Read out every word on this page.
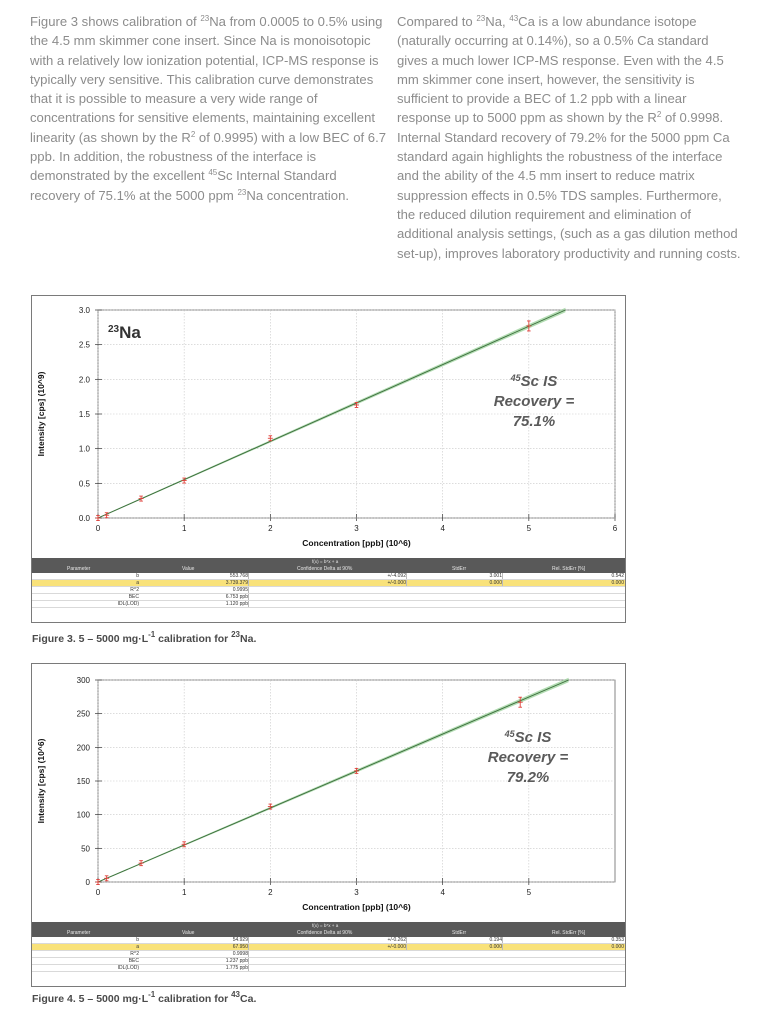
Figure 3 shows calibration of $^{23}$Na from 0.0005 to 0.5% using the 4.5 mm skimmer cone insert. Since Na is monoisotopic with a relatively low ionization potential, ICP-MS response is typically very sensitive. This calibration curve demonstrates that it is possible to measure a very wide range of concentrations for sensitive elements, maintaining excellent linearity (as shown by the $R^2$ of 0.9995) with a low BEC of 6.7 ppb. In addition, the robustness of the interface is demonstrated by the excellent $^{45}$Sc Internal Standard recovery of 75.1% at the 5000 ppm $^{23}$Na concentration.

Compared to $^{23}$Na, $^{43}$Ca is a low abundance isotope (naturally occurring at 0.14%), so a 0.5% Ca standard gives a much lower ICP-MS response. Even with the 4.5 mm skimmer cone insert, however, the sensitivity is sufficient to provide a BEC of 1.2 ppb with a linear response up to 5000 ppm as shown by the $R^2$ of 0.9998. Internal Standard recovery of 79.2% for the 5000 ppm Ca standard again highlights the robustness of the interface and the ability of the 4.5 mm insert to reduce matrix suppression effects in 0.5% TDS samples. Furthermore, the reduced dilution requirement and elimination of additional analysis settings, (such as a gas dilution method set-up), improves laboratory productivity and running costs.

0	1	2	3	4	5	6
0.0
0.5
1.0
1.5
2.0
2.5
3.0
Concentration [ppb] (10^6)
Intensity [cps] (10^9)
$^{23}$Na
$^{45}$Sc IS
Recovery =
75.1%
f(x) = b*x + a
Parameter	Value	Confidence Delta at 90%	StdErr	Rel. StdErr [%]
b	553.768	+/-4.092	3.001	0.542
a	3.739.379	+/-0.000	0.000	0.000
R^2	0.9995
BEC	6.753 ppb
IDL(LOD)	1.120 ppb
Figure 3. 5 – 5000 $mg\cdot L^{-1}$ calibration for $^{23}$Na.
0	1	2	3	4	5
0
50
100
150
200
250
300
Concentration [ppb] (10^6)
Intensity [cps] (10^6)
$^{45}$Sc IS
Recovery =
79.2%
f(x) = b*x + a
Parameter	Value	Confidence Delta at 90%	StdErr	Rel. StdErr [%]
b	54.929	+/-0.262	0.194	0.353
a	67.950	+/-0.000	0.000	0.000
R^2	0.9998
BEC	1.237 ppb
IDL(LOD)	1.775 ppb
Figure 4. 5 – 5000 $mg\cdot L^{-1}$ calibration for $^{43}$Ca.
